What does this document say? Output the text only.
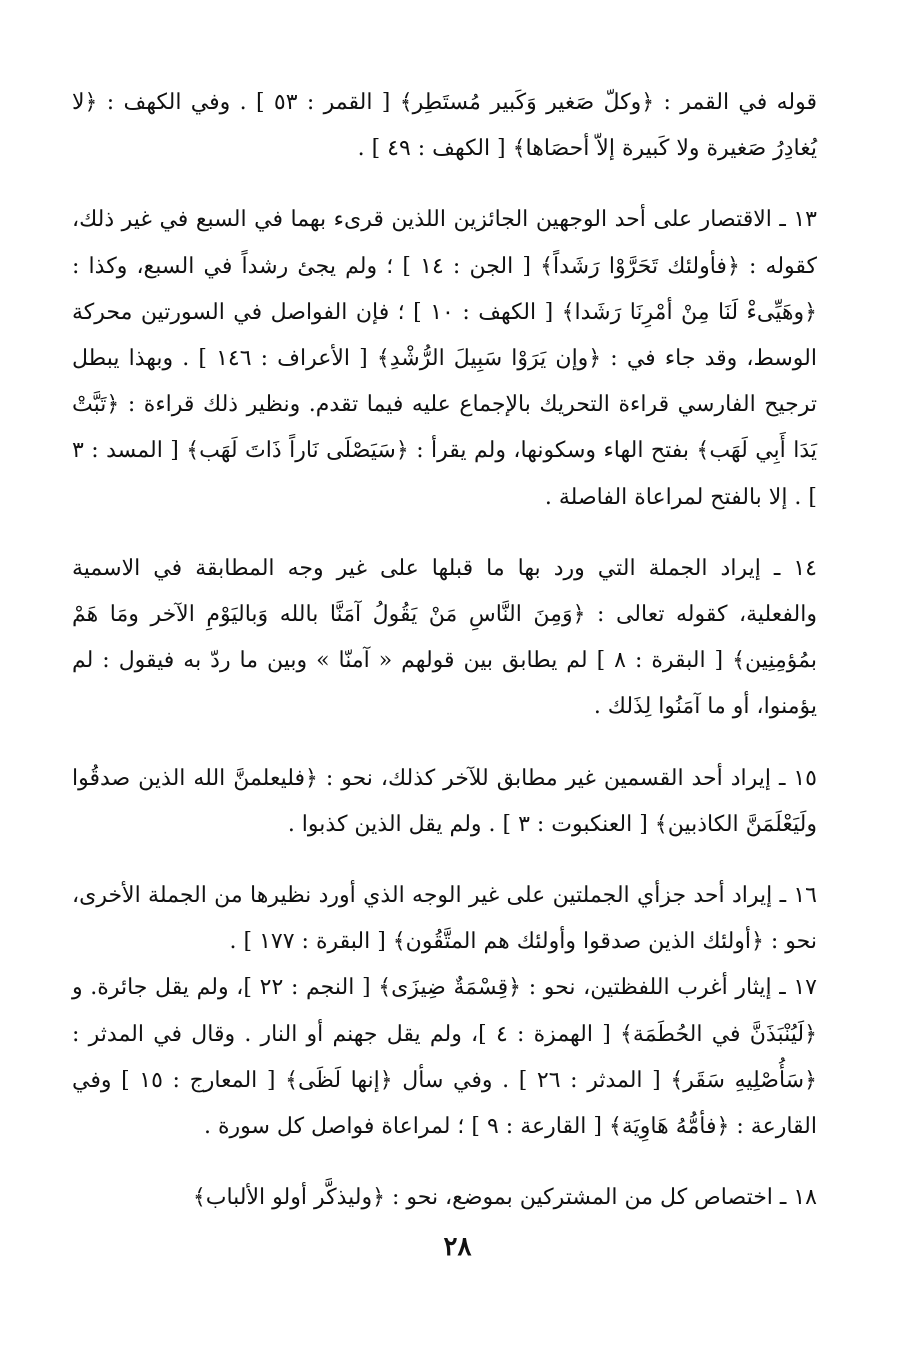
قوله في القمر : ﴿وكلّ صَغير وَكَبير مُستَطِر﴾ [ القمر : ٥٣ ] . وفي الكهف : ﴿لا يُغادِرُ صَغيرة ولا كَبيرة إلاّ أحصَاها﴾ [ الكهف : ٤٩ ] .

١٣ ـ الاقتصار على أحد الوجهين الجائزين اللذين قرىء بهما في السبع في غير ذلك، كقوله : ﴿فأولئك تَحَرَّوْا رَشَداً﴾ [ الجن : ١٤ ] ؛ ولم يجئ رشداً في السبع، وكذا : ﴿وهَيِّىءْ لَنَا مِنْ أمْرِنَا رَشَدا﴾ [ الكهف : ١٠ ] ؛ فإن الفواصل في السورتين محركة الوسط، وقد جاء في : ﴿وإن يَرَوْا سَبِيلَ الرُّشْدِ﴾ [ الأعراف : ١٤٦ ] . وبهذا يبطل ترجيح الفارسي قراءة التحريك بالإجماع عليه فيما تقدم. ونظير ذلك قراءة : ﴿تَبَّتْ يَدَا أَبِي لَهَب﴾ بفتح الهاء وسكونها، ولم يقرأ : ﴿سَيَصْلَى نَاراً ذَاتَ لَهَب﴾ [ المسد : ٣ ] . إلا بالفتح لمراعاة الفاصلة .

١٤ ـ إيراد الجملة التي ورد بها ما قبلها على غير وجه المطابقة في الاسمية والفعلية، كقوله تعالى : ﴿وَمِنَ النَّاسِ مَنْ يَقُولُ آمَنَّا بالله وَباليَوْمِ الآخر ومَا هَمْ بمُؤمِنِين﴾ [ البقرة : ٨ ] لم يطابق بين قولهم « آمنّا » وبين ما ردّ به فيقول : لم يؤمنوا، أو ما آمَنُوا لِذَلك .

١٥ ـ إيراد أحد القسمين غير مطابق للآخر كذلك، نحو : ﴿فليعلمنَّ الله الذين صدقُوا ولَيَعْلَمَنَّ الكاذبين﴾ [ العنكبوت : ٣ ] . ولم يقل الذين كذبوا .

١٦ ـ إيراد أحد جزأي الجملتين على غير الوجه الذي أورد نظيرها من الجملة الأخرى، نحو : ﴿أولئك الذين صدقوا وأولئك هم المتَّقُون﴾ [ البقرة : ١٧٧ ] .

١٧ ـ إيثار أغرب اللفظتين، نحو : ﴿قِسْمَةٌ ضِيزَى﴾ [ النجم : ٢٢ ]، ولم يقل جائرة. و ﴿لَيُنْبَذَنَّ في الحُطَمَة﴾ [ الهمزة : ٤ ]، ولم يقل جهنم أو النار . وقال في المدثر : ﴿سَأُصْلِيهِ سَقَر﴾ [ المدثر : ٢٦ ] . وفي سأل ﴿إنها لَظَى﴾ [ المعارج : ١٥ ] وفي القارعة : ﴿فأمُّهُ هَاوِيَة﴾ [ القارعة : ٩ ] ؛ لمراعاة فواصل كل سورة .

١٨ ـ اختصاص كل من المشتركين بموضع، نحو : ﴿وليذكَّر أولو الألباب﴾

٢٨
